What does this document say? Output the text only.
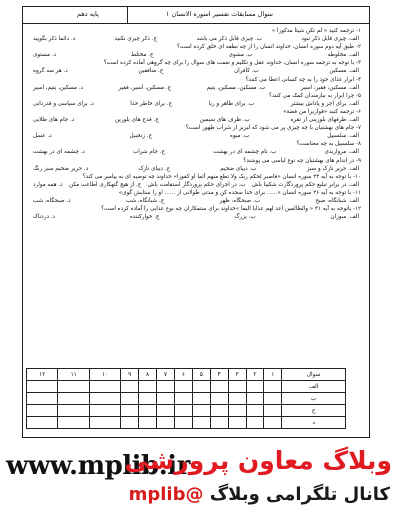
سوال مسابقات تفسیر اسوره الانسان ۱
پایه دهم
۱- ترجمه کنید « لم تکن شیئا مذکورا »
الف. چیزی قابل ذکر نبود
ب. چیزی قابل ذکر می باشد
ج. ذکر چیزی نکنید
د. دائما ذکر بگویید
۲- طبق آیه دوم سوره انسان، خداوند انسان را از چه نطفه ای خلق کرده است؟
الف. مخلوطه
ب. مشوی
ج. مختلط
د. مستوی
۳- با توجه به ترجمه سوره انسان، خداوند عقل و تکلیم و نعمت های سوال را برای چه گروهی آماده کرده است؟
الف. مسکین
ب. کافران
ج. منافقین
د. هر سه گروه
۴- ابرار غذای خود را به چه کسانی اعطا می کنند؟
الف. مسکین، فقیر، اسیر
ب. مسکین، مسکین، یتیم
ج. مسکین، اسیر، فقیر
د. مسکین، یتیم، اسیر
۵- چرا ابرار به نیازمندان کمک می کنند؟
الف. برای اجر و پاداش بیشتر
ب. برای ظاهر و ریا
ج. برای خاطر خدا
د. برای سیاسی و قدردانی
۶- ترجمه کنید «قواریرا من فضة»
الف. ظرفهای بلورینی از نقره
ب. ظرف های سیمین
ج. قدح های بلورین
د. جام های طلایی
۷- جام های بهشتیان با چه چیزی پر می شود که لبریز از شراب طهور است؟
الف. سلسبیل
ب. میوه
ج. زنجبیل
د. عسل
۸- سلسبیل به چه معناست؟
الف. مرواریدی
ب. نام چشمه ای در بهشت
ج. جام شراب
د. چشمه ای در بهشت
۹- در اندام های بهشتیان چه نوع لباسی می پوشند؟
الف. حریر نازک و سبز
ب. دیبای ضخیم
ج. دیبای نازک
د. حریر ضخیم سبز رنگ
۱۰- با توجه به آیه ۲۴ سوره انسان «فاصبر لحکم ربک ولا تطع منهم آثما أو کفورا» خداوند چه توصیه ای به پیامبر می کند؟
الف. در برابر تبلیغ حکم پروردگارت شکیبا باش
ب. در اجرای حکم پروردگار استقامت باش
ج. از هیچ گنهکاری اطاعت مکن
د. همه موارد
۱۱- با توجه به آیه ۲۶ سوره انسان «...... برای خدا سجده کن و مدتی طولانی از ...... او را ستایش گوی»
الف. شبانگاه، صبح
ب. صبحگاه، ظهر
ج. شبانگاه، شب
د. صبحگاه، شب
۱۲- باتوجه به آیه ۳۱ « والظالمین أعد لهم عذابا الیما »خداوند برای ستمکاران چه نوع عذابی را آماده کرده است؟
الف. سوزان
ب. بزرگ
ج. خوارکننده
د. دردناک
سوال	۱	۲	۳	۴	۵	۶	۷	۸	۹	۱۰	۱۱	۱۲
الف												
ب												
ج												
د												
www.mplib.ir
وبلاگ معاون پرورشی
کانال تلگرامی وبلاگ @mplib
